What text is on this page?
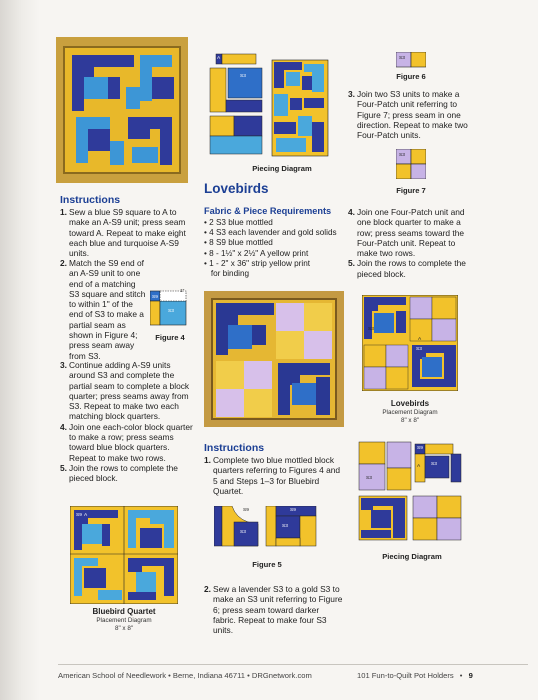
Instructions
1. Sew a blue S9 square to A to make an A-S9 unit; press seam toward A. Repeat to make eight each blue and turquoise A-S9 units.
2. Match the S9 end of an A-S9 unit to one end of a matching S3 square and stitch to within 1" of the end of S3 to make a partial seam as shown in Figure 4; press seam away from S3.
S9
S3
1"
Figure 4
3. Continue adding A-S9 units around S3 and complete the partial seam to complete a block quarter; press seams away from S3. Repeat to make two each matching block quarters.
4. Join one each-color block quarter to make a row; press seams toward blue block quarters. Repeat to make two rows.
5. Join the rows to complete the pieced block.
A
S9
Bluebird Quartet
Placement Diagram
8" x 8"
A
S3
Piecing Diagram
Lovebirds
Fabric & Piece Requirements
• 2 S3 blue mottled
• 4 S3 each lavender and gold solids
• 8 S9 blue mottled
• 8 - 1½" x 2½" A yellow print
• 1 - 2" x 36" strip yellow print
for binding
Instructions
1. Complete two blue mottled block quarters referring to Figures 4 and 5 and Steps 1–3 for Bluebird Quartet.
S9
S3
S9
S3
Figure 5
2. Sew a lavender S3 to a gold S3 to make an S3 unit referring to Figure 6; press seam toward darker fabric. Repeat to make four S3 units.
S3
Figure 6
3. Join two S3 units to make a Four-Patch unit referring to Figure 7; press seam in one direction. Repeat to make two Four-Patch units.
S3
Figure 7
4. Join one Four-Patch unit and one block quarter to make a row; press seams toward the Four-Patch unit. Repeat to make two rows.
5. Join the rows to complete the pieced block.
S3
A
S3
Lovebirds
Placement Diagram
8" x 8"
S9
S3
S3
A
Piecing Diagram
American School of Needlework • Berne, Indiana 46711 • DRGnetwork.com	101 Fun-to-Quilt Pot Holders • 9
